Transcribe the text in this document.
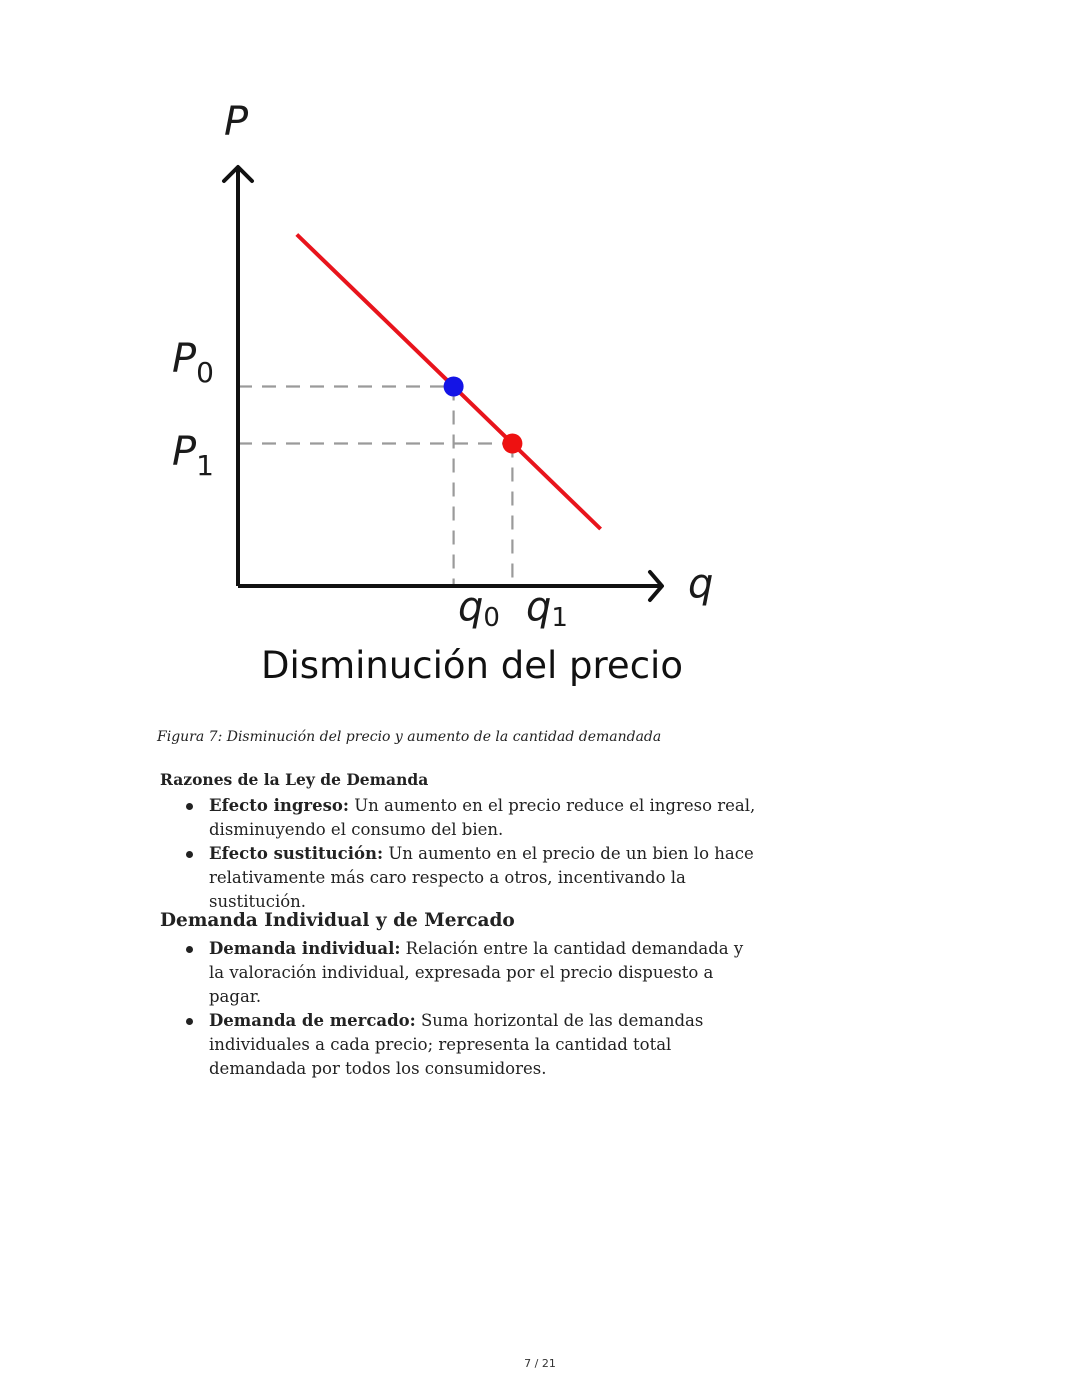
P
q
$P_0$
$P_1$
q0 q1
Disminución del precio
Figura 7: Disminución del precio y aumento de la cantidad demandada
Razones de la Ley de Demanda
Efecto ingreso: Un aumento en el precio reduce el ingreso real, disminuyendo el consumo del bien.
Efecto sustitución: Un aumento en el precio de un bien lo hace relativamente más caro respecto a otros, incentivando la sustitución.
Demanda Individual y de Mercado
Demanda individual: Relación entre la cantidad demandada y la valoración individual, expresada por el precio dispuesto a pagar.
Demanda de mercado: Suma horizontal de las demandas individuales a cada precio; representa la cantidad total demandada por todos los consumidores.
7 / 21
